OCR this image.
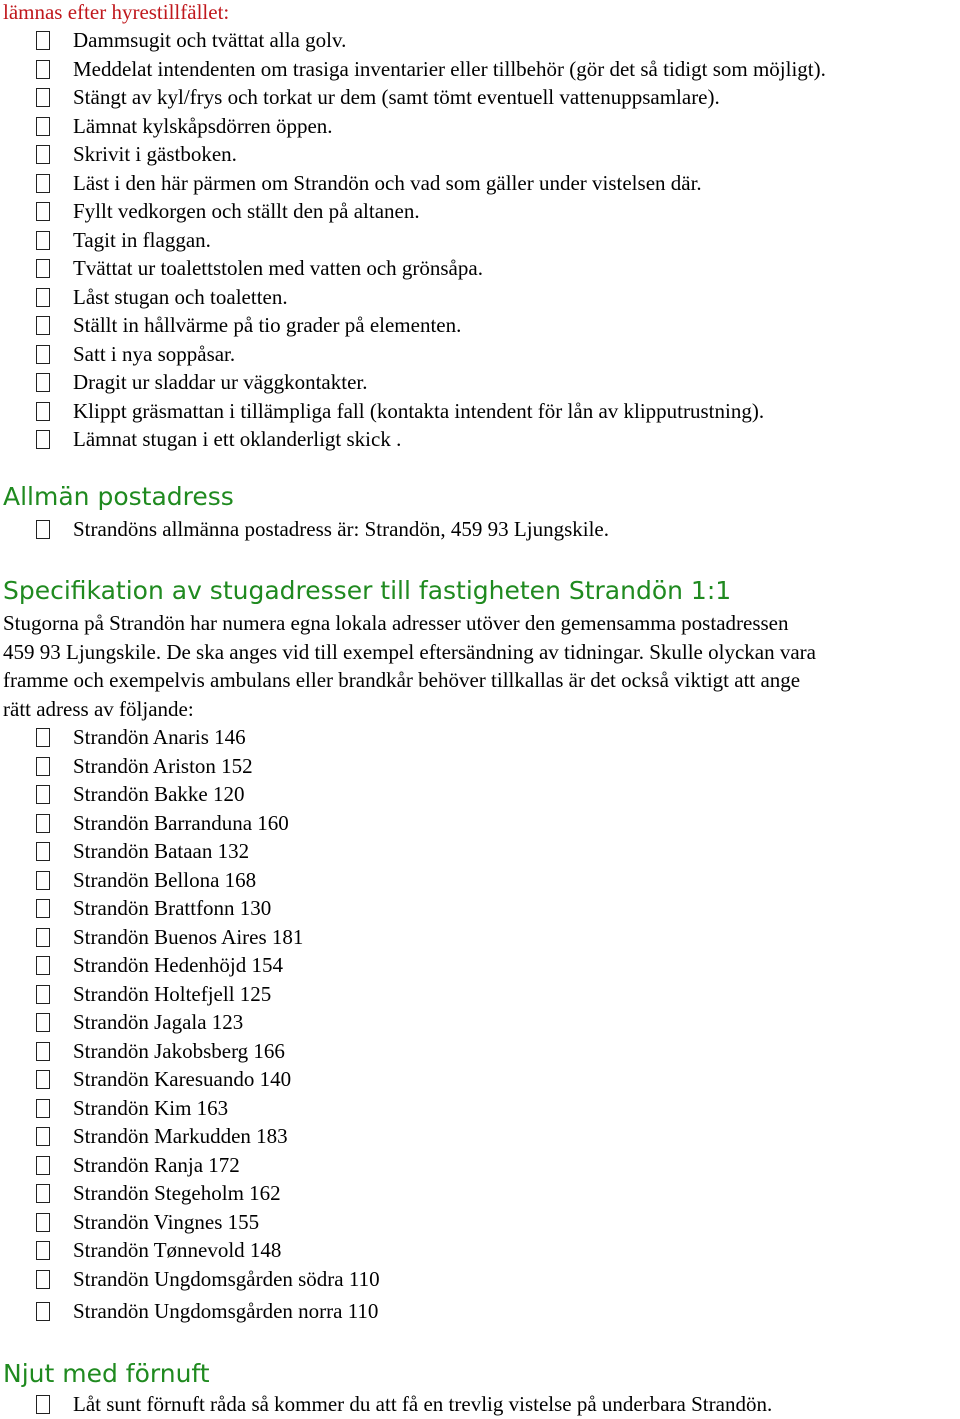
lämnas efter hyrestillfället:
Dammsugit och tvättat alla golv.
Meddelat intendenten om trasiga inventarier eller tillbehör (gör det så tidigt som möjligt).
Stängt av kyl/frys och torkat ur dem (samt tömt eventuell vattenuppsamlare).
Lämnat kylskåpsdörren öppen.
Skrivit i gästboken.
Läst i den här pärmen om Strandön och vad som gäller under vistelsen där.
Fyllt vedkorgen och ställt den på altanen.
Tagit in flaggan.
Tvättat ur toalettstolen med vatten och grönsåpa.
Låst stugan och toaletten.
Ställt in hållvärme på tio grader på elementen.
Satt i nya soppåsar.
Dragit ur sladdar ur väggkontakter.
Klippt gräsmattan i tillämpliga fall (kontakta intendent för lån av klipputrustning).
Lämnat stugan i ett oklanderligt skick .
Allmän postadress
Strandöns allmänna postadress är: Strandön, 459 93 Ljungskile.
Specifikation av stugadresser till fastigheten Strandön 1:1
Stugorna på Strandön har numera egna lokala adresser utöver den gemensamma postadressen
459 93 Ljungskile. De ska anges vid till exempel eftersändning av tidningar. Skulle olyckan vara
framme och exempelvis ambulans eller brandkår behöver tillkallas är det också viktigt att ange
rätt adress av följande:
Strandön Anaris 146
Strandön Ariston 152
Strandön Bakke 120
Strandön Barranduna 160
Strandön Bataan 132
Strandön Bellona 168
Strandön Brattfonn 130
Strandön Buenos Aires 181
Strandön Hedenhöjd 154
Strandön Holtefjell 125
Strandön Jagala 123
Strandön Jakobsberg 166
Strandön Karesuando 140
Strandön Kim 163
Strandön Markudden 183
Strandön Ranja 172
Strandön Stegeholm 162
Strandön Vingnes 155
Strandön Tønnevold 148
Strandön Ungdomsgården södra 110
Strandön Ungdomsgården norra 110
Njut med förnuft
Låt sunt förnuft råda så kommer du att få en trevlig vistelse på underbara Strandön.
